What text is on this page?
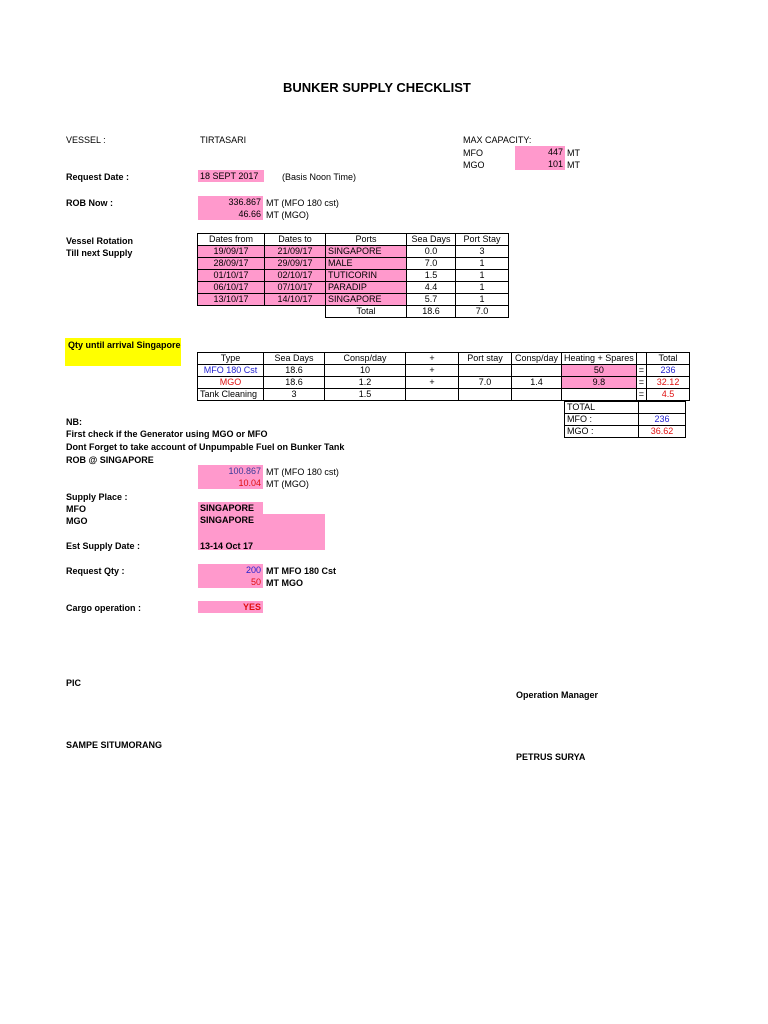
BUNKER SUPPLY CHECKLIST
VESSEL :	TIRTASARI	MAX CAPACITY:
MFO	447 MT
MGO	101 MT
Request Date :	18 SEPT 2017	(Basis Noon Time)
ROB Now :	336.867 MT (MFO 180 cst)
46.66 MT (MGO)
Vessel Rotation
Till next Supply
Dates from	Dates to	Ports	Sea Days	Port Stay
19/09/17	21/09/17	SINGAPORE	0.0	3
28/09/17	29/09/17	MALE	7.0	1
01/10/17	02/10/17	TUTICORIN	1.5	1
06/10/17	07/10/17	PARADIP	4.4	1
13/10/17	14/10/17	SINGAPORE	5.7	1
		Total	18.6	7.0
Qty until arrival Singapore
Type	Sea Days	Consp/day	+	Port stay	Consp/day	Heating + Spares		Total
MFO 180 Cst	18.6	10	+			50	=	236
MGO	18.6	1.2	+	7.0	1.4	9.8	=	32.12
Tank Cleaning	3	1.5					=	4.5
TOTAL	
MFO :	236
MGO :	36.62
NB:
First check if the Generator using MGO or MFO
Dont Forget to take account of Unpumpable Fuel on Bunker Tank
ROB @ SINGAPORE
100.867 MT (MFO 180 cst)
10.04 MT (MGO)
Supply Place :
MFO	SINGAPORE
MGO	SINGAPORE
Est Supply Date :	13-14 Oct 17
Request Qty :	200 MT MFO 180 Cst
50 MT MGO
Cargo operation :	YES
PIC
Operation Manager
SAMPE SITUMORANG
PETRUS SURYA
